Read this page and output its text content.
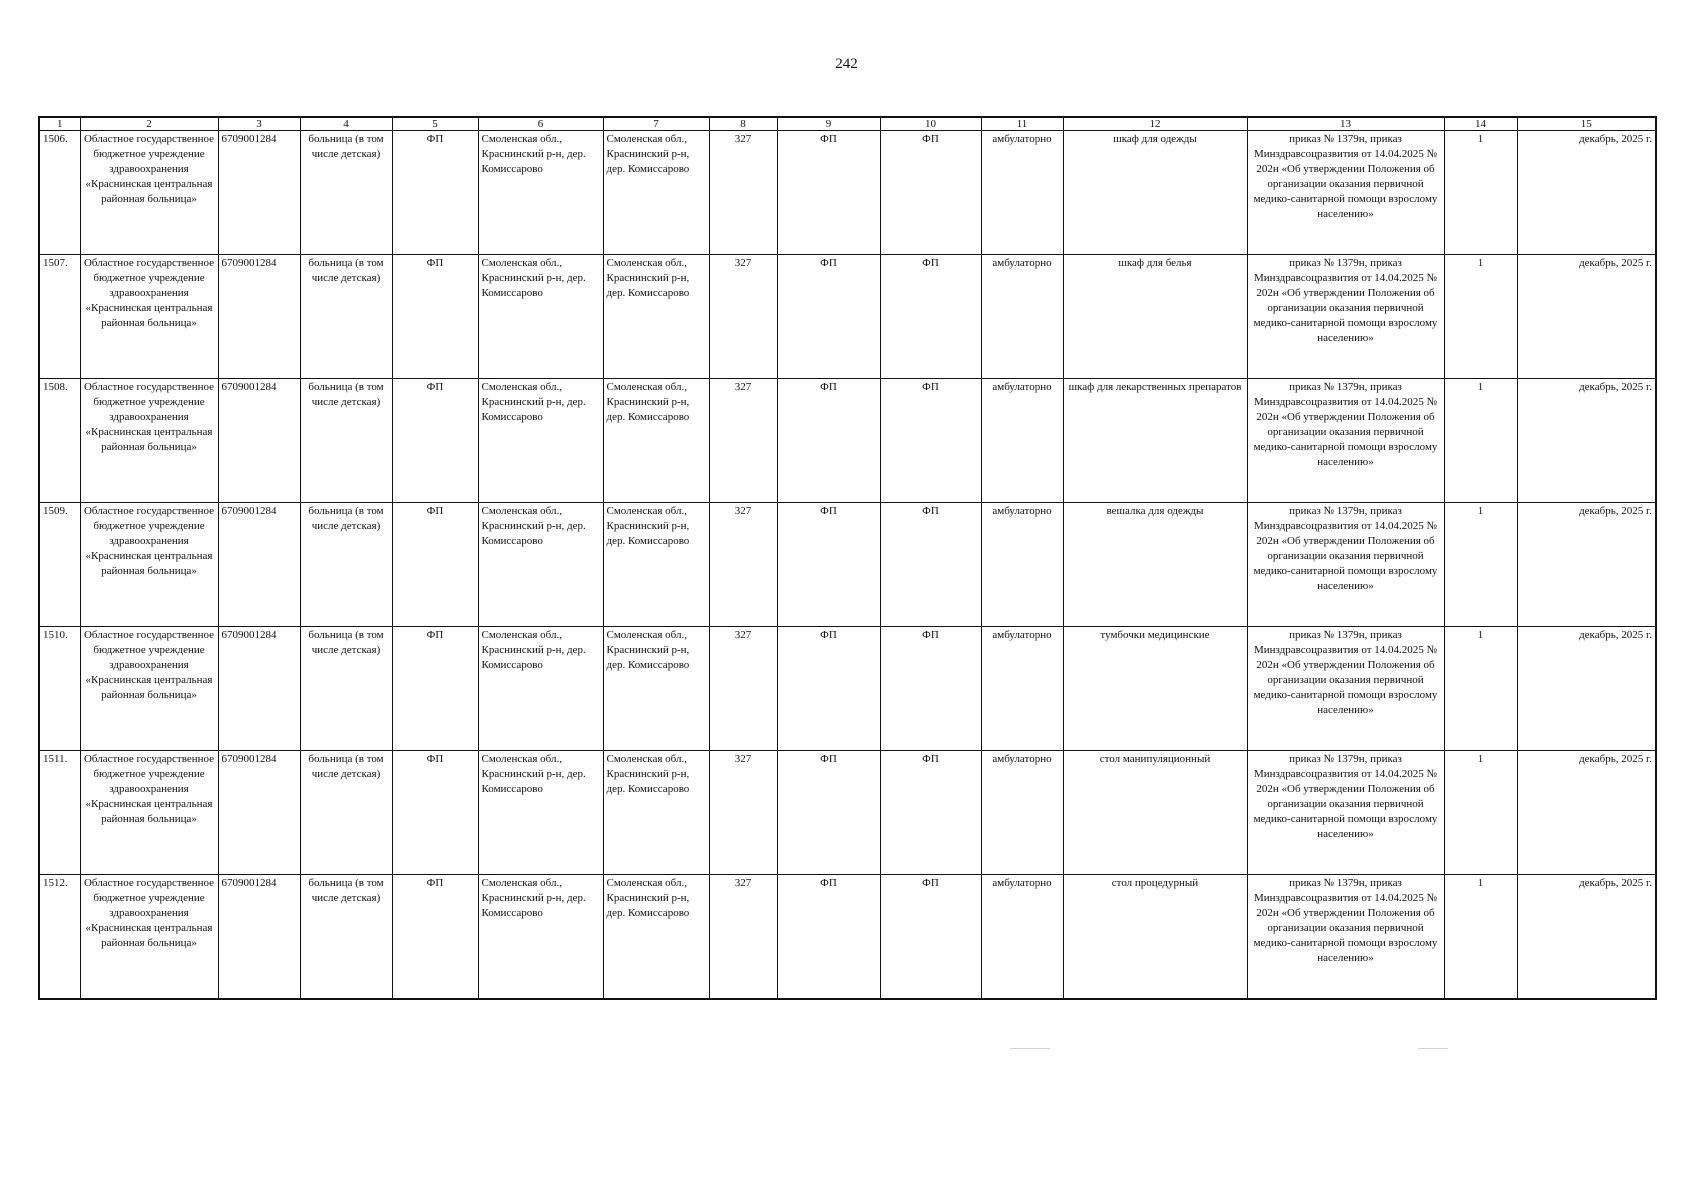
242
1	2	3	4	5	6	7	8	9	10	11	12	13	14	15
1506.	Областное государственное бюджетное учреждение здравоохранения «Краснинская центральная районная больница»	6709001284	больница (в том числе детская)	ФП	Смоленская обл., Краснинский р-н, дер. Комиссарово	Смоленская обл., Краснинский р-н, дер. Комиссарово	327	ФП	ФП	амбулаторно	шкаф для одежды	приказ № 1379н, приказ Минздравсоцразвития от 14.04.2025 № 202н «Об утверждении Положения об организации оказания первичной медико-санитарной помощи взрослому населению»	1	декабрь, 2025 г.
1507.	Областное государственное бюджетное учреждение здравоохранения «Краснинская центральная районная больница»	6709001284	больница (в том числе детская)	ФП	Смоленская обл., Краснинский р-н, дер. Комиссарово	Смоленская обл., Краснинский р-н, дер. Комиссарово	327	ФП	ФП	амбулаторно	шкаф для белья	приказ № 1379н, приказ Минздравсоцразвития от 14.04.2025 № 202н «Об утверждении Положения об организации оказания первичной медико-санитарной помощи взрослому населению»	1	декабрь, 2025 г.
1508.	Областное государственное бюджетное учреждение здравоохранения «Краснинская центральная районная больница»	6709001284	больница (в том числе детская)	ФП	Смоленская обл., Краснинский р-н, дер. Комиссарово	Смоленская обл., Краснинский р-н, дер. Комиссарово	327	ФП	ФП	амбулаторно	шкаф для лекарственных препаратов	приказ № 1379н, приказ Минздравсоцразвития от 14.04.2025 № 202н «Об утверждении Положения об организации оказания первичной медико-санитарной помощи взрослому населению»	1	декабрь, 2025 г.
1509.	Областное государственное бюджетное учреждение здравоохранения «Краснинская центральная районная больница»	6709001284	больница (в том числе детская)	ФП	Смоленская обл., Краснинский р-н, дер. Комиссарово	Смоленская обл., Краснинский р-н, дер. Комиссарово	327	ФП	ФП	амбулаторно	вешалка для одежды	приказ № 1379н, приказ Минздравсоцразвития от 14.04.2025 № 202н «Об утверждении Положения об организации оказания первичной медико-санитарной помощи взрослому населению»	1	декабрь, 2025 г.
1510.	Областное государственное бюджетное учреждение здравоохранения «Краснинская центральная районная больница»	6709001284	больница (в том числе детская)	ФП	Смоленская обл., Краснинский р-н, дер. Комиссарово	Смоленская обл., Краснинский р-н, дер. Комиссарово	327	ФП	ФП	амбулаторно	тумбочки медицинские	приказ № 1379н, приказ Минздравсоцразвития от 14.04.2025 № 202н «Об утверждении Положения об организации оказания первичной медико-санитарной помощи взрослому населению»	1	декабрь, 2025 г.
1511.	Областное государственное бюджетное учреждение здравоохранения «Краснинская центральная районная больница»	6709001284	больница (в том числе детская)	ФП	Смоленская обл., Краснинский р-н, дер. Комиссарово	Смоленская обл., Краснинский р-н, дер. Комиссарово	327	ФП	ФП	амбулаторно	стол манипуляционный	приказ № 1379н, приказ Минздравсоцразвития от 14.04.2025 № 202н «Об утверждении Положения об организации оказания первичной медико-санитарной помощи взрослому населению»	1	декабрь, 2025 г.
1512.	Областное государственное бюджетное учреждение здравоохранения «Краснинская центральная районная больница»	6709001284	больница (в том числе детская)	ФП	Смоленская обл., Краснинский р-н, дер. Комиссарово	Смоленская обл., Краснинский р-н, дер. Комиссарово	327	ФП	ФП	амбулаторно	стол процедурный	приказ № 1379н, приказ Минздравсоцразвития от 14.04.2025 № 202н «Об утверждении Положения об организации оказания первичной медико-санитарной помощи взрослому населению»	1	декабрь, 2025 г.
